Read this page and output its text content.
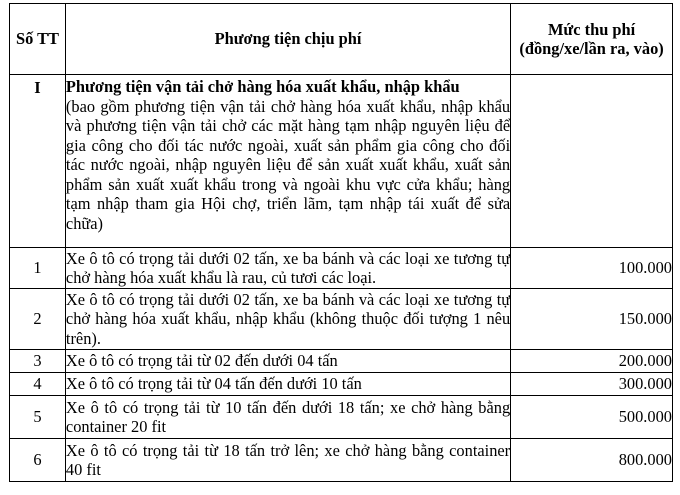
Số TT	Phương tiện chịu phí	Mức thu phí (đồng/xe/lần ra, vào)
I	Phương tiện vận tải chở hàng hóa xuất khẩu, nhập khẩu
(bao gồm phương tiện vận tải chở hàng hóa xuất khẩu, nhập khẩu và phương tiện vận tải chở các mặt hàng tạm nhập nguyên liệu để gia công cho đối tác nước ngoài, xuất sản phẩm gia công cho đối tác nước ngoài, nhập nguyên liệu để sản xuất xuất khẩu, xuất sản phẩm sản xuất xuất khẩu trong và ngoài khu vực cửa khẩu; hàng tạm nhập tham gia Hội chợ, triển lãm, tạm nhập tái xuất để sửa chữa)	

1	Xe ô tô có trọng tải dưới 02 tấn, xe ba bánh và các loại xe tương tự chở hàng hóa xuất khẩu là rau, củ tươi các loại.	100.000
2	Xe ô tô có trọng tải dưới 02 tấn, xe ba bánh và các loại xe tương tự chở hàng hóa xuất khẩu, nhập khẩu (không thuộc đối tượng 1 nêu trên).	150.000
3	Xe ô tô có trọng tải từ 02 đến dưới 04 tấn	200.000
4	Xe ô tô có trọng tải từ 04 tấn đến dưới 10 tấn	300.000
5	Xe ô tô có trọng tải từ 10 tấn đến dưới 18 tấn; xe chở hàng bằng container 20 fit	500.000
6	Xe ô tô có trọng tải từ 18 tấn trở lên; xe chở hàng bằng container 40 fit	800.000
